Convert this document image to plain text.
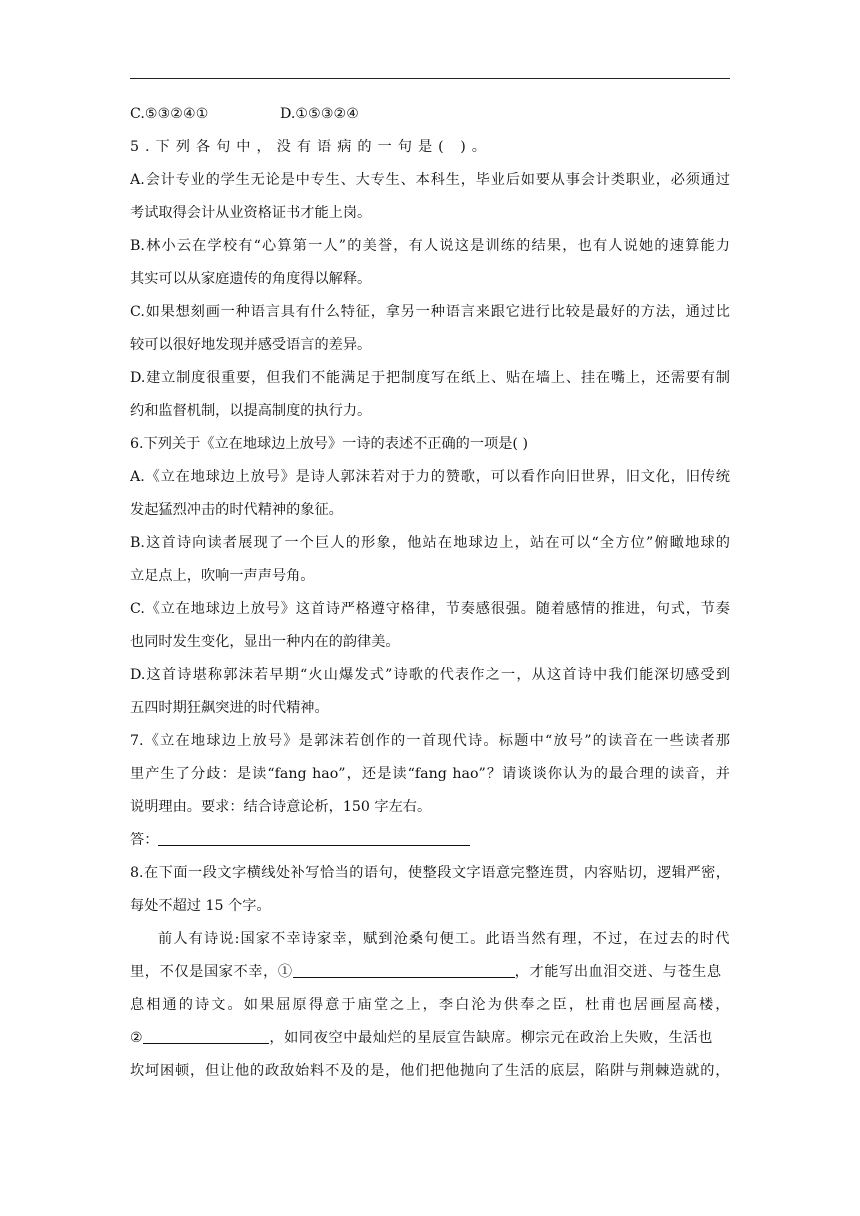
C.⑤③②④①	D.①⑤③②④
5.下列各句中，没有语病的一句是( )。
A.会计专业的学生无论是中专生、大专生、本科生，毕业后如要从事会计类职业，必须通过
考试取得会计从业资格证书才能上岗。
B.林小云在学校有“心算第一人”的美誉，有人说这是训练的结果，也有人说她的速算能力
其实可以从家庭遗传的角度得以解释。
C.如果想刻画一种语言具有什么特征，拿另一种语言来跟它进行比较是最好的方法，通过比
较可以很好地发现并感受语言的差异。
D.建立制度很重要，但我们不能满足于把制度写在纸上、贴在墙上、挂在嘴上，还需要有制
约和监督机制，以提高制度的执行力。
6.下列关于《立在地球边上放号》一诗的表述不正确的一项是( )
A.《立在地球边上放号》是诗人郭沫若对于力的赞歌，可以看作向旧世界，旧文化，旧传统
发起猛烈冲击的时代精神的象征。
B.这首诗向读者展现了一个巨人的形象，他站在地球边上，站在可以“全方位”俯瞰地球的
立足点上，吹响一声声号角。
C.《立在地球边上放号》这首诗严格遵守格律，节奏感很强。随着感情的推进，句式，节奏
也同时发生变化，显出一种内在的韵律美。
D.这首诗堪称郭沫若早期“火山爆发式”诗歌的代表作之一，从这首诗中我们能深切感受到
五四时期狂飙突进的时代精神。
7.《立在地球边上放号》是郭沫若创作的一首现代诗。标题中“放号”的读音在一些读者那
里产生了分歧：是读“fang hao”，还是读“fang hao”？请谈谈你认为的最合理的读音，并
说明理由。要求：结合诗意论析，150 字左右。
答：
8.在下面一段文字横线处补写恰当的语句，使整段文字语意完整连贯，内容贴切，逻辑严密，
每处不超过 15 个字。
前人有诗说:国家不幸诗家幸，赋到沧桑句便工。此语当然有理，不过，在过去的时代
里，不仅是国家不幸，①	，才能写出血泪交迸、与苍生息
息相通的诗文。如果屈原得意于庙堂之上，李白沦为供奉之臣，杜甫也居画屋高楼，
②	，如同夜空中最灿烂的星辰宣告缺席。柳宗元在政治上失败，生活也
坎坷困顿，但让他的政敌始料不及的是，他们把他抛向了生活的底层，陷阱与荆棘造就的，
